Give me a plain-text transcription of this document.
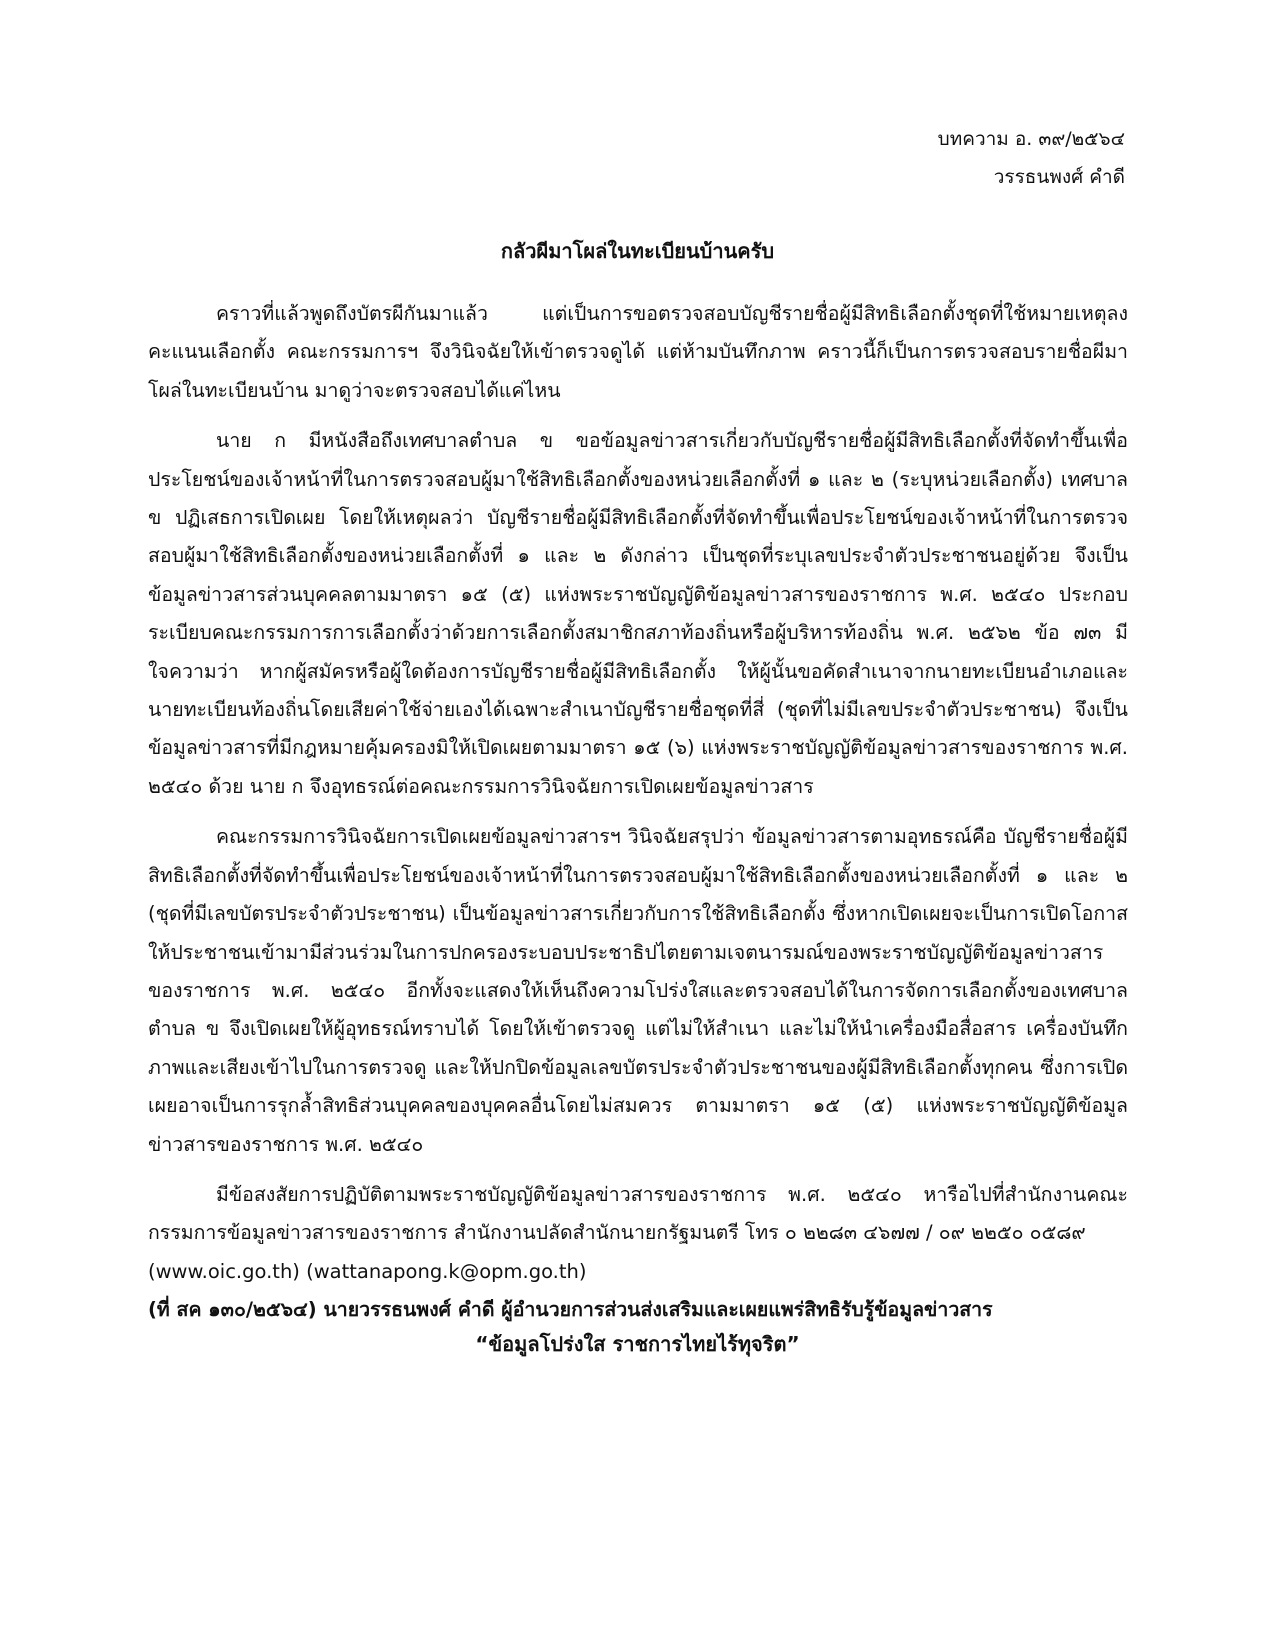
บทความ อ. ๓๙/๒๕๖๔
วรรธนพงศ์ คำดี
กลัวผีมาโผล่ในทะเบียนบ้านครับ

คราวที่แล้วพูดถึงบัตรผีกันมาแล้ว แต่เป็นการขอตรวจสอบบัญชีรายชื่อผู้มีสิทธิเลือกตั้งชุดที่ใช้หมายเหตุลงคะแนนเลือกตั้ง คณะกรรมการฯ จึงวินิจฉัยให้เข้าตรวจดูได้ แต่ห้ามบันทึกภาพ คราวนี้ก็เป็นการตรวจสอบรายชื่อผีมาโผล่ในทะเบียนบ้าน มาดูว่าจะตรวจสอบได้แค่ไหน

นาย ก มีหนังสือถึงเทศบาลตำบล ข ขอข้อมูลข่าวสารเกี่ยวกับบัญชีรายชื่อผู้มีสิทธิเลือกตั้งที่จัดทำขึ้นเพื่อประโยชน์ของเจ้าหน้าที่ในการตรวจสอบผู้มาใช้สิทธิเลือกตั้งของหน่วยเลือกตั้งที่ ๑ และ ๒ (ระบุหน่วยเลือกตั้ง) เทศบาล ข ปฏิเสธการเปิดเผย โดยให้เหตุผลว่า บัญชีรายชื่อผู้มีสิทธิเลือกตั้งที่จัดทำขึ้นเพื่อประโยชน์ของเจ้าหน้าที่ในการตรวจสอบผู้มาใช้สิทธิเลือกตั้งของหน่วยเลือกตั้งที่ ๑ และ ๒ ดังกล่าว เป็นชุดที่ระบุเลขประจำตัวประชาชนอยู่ด้วย จึงเป็นข้อมูลข่าวสารส่วนบุคคลตามมาตรา ๑๕ (๕) แห่งพระราชบัญญัติข้อมูลข่าวสารของราชการ พ.ศ. ๒๕๔๐ ประกอบระเบียบคณะกรรมการการเลือกตั้งว่าด้วยการเลือกตั้งสมาชิกสภาท้องถิ่นหรือผู้บริหารท้องถิ่น พ.ศ. ๒๕๖๒ ข้อ ๗๓ มีใจความว่า หากผู้สมัครหรือผู้ใดต้องการบัญชีรายชื่อผู้มีสิทธิเลือกตั้ง ให้ผู้นั้นขอคัดสำเนาจากนายทะเบียนอำเภอและนายทะเบียนท้องถิ่นโดยเสียค่าใช้จ่ายเองได้เฉพาะสำเนาบัญชีรายชื่อชุดที่สี่ (ชุดที่ไม่มีเลขประจำตัวประชาชน) จึงเป็นข้อมูลข่าวสารที่มีกฎหมายคุ้มครองมิให้เปิดเผยตามมาตรา ๑๕ (๖) แห่งพระราชบัญญัติข้อมูลข่าวสารของราชการ พ.ศ. ๒๕๔๐ ด้วย นาย ก จึงอุทธรณ์ต่อคณะกรรมการวินิจฉัยการเปิดเผยข้อมูลข่าวสาร

คณะกรรมการวินิจฉัยการเปิดเผยข้อมูลข่าวสารฯ วินิจฉัยสรุปว่า ข้อมูลข่าวสารตามอุทธรณ์คือ บัญชีรายชื่อผู้มีสิทธิเลือกตั้งที่จัดทำขึ้นเพื่อประโยชน์ของเจ้าหน้าที่ในการตรวจสอบผู้มาใช้สิทธิเลือกตั้งของหน่วยเลือกตั้งที่ ๑ และ ๒ (ชุดที่มีเลขบัตรประจำตัวประชาชน) เป็นข้อมูลข่าวสารเกี่ยวกับการใช้สิทธิเลือกตั้ง ซึ่งหากเปิดเผยจะเป็นการเปิดโอกาสให้ประชาชนเข้ามามีส่วนร่วมในการปกครองระบอบประชาธิปไตยตามเจตนารมณ์ของพระราชบัญญัติข้อมูลข่าวสารของราชการ พ.ศ. ๒๕๔๐ อีกทั้งจะแสดงให้เห็นถึงความโปร่งใสและตรวจสอบได้ในการจัดการเลือกตั้งของเทศบาลตำบล ข จึงเปิดเผยให้ผู้อุทธรณ์ทราบได้ โดยให้เข้าตรวจดู แต่ไม่ให้สำเนา และไม่ให้นำเครื่องมือสื่อสาร เครื่องบันทึกภาพและเสียงเข้าไปในการตรวจดู และให้ปกปิดข้อมูลเลขบัตรประจำตัวประชาชนของผู้มีสิทธิเลือกตั้งทุกคน ซึ่งการเปิดเผยอาจเป็นการรุกล้ำสิทธิส่วนบุคคลของบุคคลอื่นโดยไม่สมควร ตามมาตรา ๑๕ (๕) แห่งพระราชบัญญัติข้อมูลข่าวสารของราชการ พ.ศ. ๒๕๔๐

มีข้อสงสัยการปฏิบัติตามพระราชบัญญัติข้อมูลข่าวสารของราชการ พ.ศ. ๒๕๔๐ หารือไปที่สำนักงานคณะกรรมการข้อมูลข่าวสารของราชการ สำนักงานปลัดสำนักนายกรัฐมนตรี โทร ๐ ๒๒๘๓ ๔๖๗๗ / ๐๙ ๒๒๕๐ ๐๕๘๙

(www.oic.go.th) (wattanapong.k@opm.go.th)

(ที่ สค ๑๓๐/๒๕๖๔) นายวรรธนพงศ์ คำดี ผู้อำนวยการส่วนส่งเสริมและเผยแพร่สิทธิรับรู้ข้อมูลข่าวสาร

“ข้อมูลโปร่งใส ราชการไทยไร้ทุจริต”
